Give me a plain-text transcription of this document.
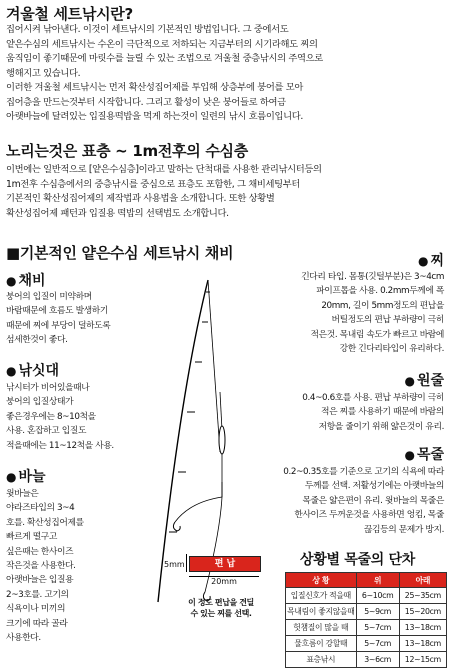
겨울철 세트낚시란?
집어시켜 낚아낸다. 이것이 세트낚시의 기본적인 방법입니다. 그 중에서도
얕은수심의 세트낚시는 수온이 극단적으로 저하되는 지금부터의 시기라해도 찌의
움직임이 좋기때문에 마릿수를 늘릴 수 있는 조법으로 겨울철 중층낚시의 주역으로
행해지고 있습니다.
이러한 겨울철 세트낚시는 먼저 확산성집어제를 투입해 상층부에 붕어를 모아
집어층을 만드는것부터 시작합니다. 그리고 활성이 낮은 붕어들로 하여금
아랫바늘에 달려있는 입질용떡밥을 먹게 하는것이 일련의 낚시 흐름이입니다.
노리는것은 표층 ~ 1m전후의 수심층
이번에는 일반적으로 [얕은수심층]이라고 말하는 단척대를 사용한 관리낚시터등의
1m전후 수심층에서의 중층낚시를 중심으로 표층도 포함한, 그 채비세팅부터
기본적인 확산성집어제의 제작법과 사용법을 소개합니다. 또한 상황별
확산성집어제 패턴과 입질용 떡밥의 선택법도 소개합니다.
■기본적인 얕은수심 세트낚시 채비
● 채비
붕어의 입질이 미약하며
바람때문에 흐름도 발생하기
때문에 찌에 부당이 덜하도록
섬세한것이 좋다.
● 낚싯대
낚시터가 비어있을때나
붕어의 입질상태가
좋은경우에는 8~10척을
사용. 혼잡하고 입질도
적을때에는 11~12척을 사용.
● 바늘
윗바늘은
야라즈타입의 3~4
호를. 확산성집어제를
빠르게 떨구고
싶은때는 한사이즈
작은것을 사용한다.
아랫바늘은 입질용
2~3호를. 고기의
식욕이나 미끼의
크기에 따라 골라
사용한다.
● 찌
긴다리 타입. 몸통(깃털부분)은 3~4cm
파이프톱을 사용. 0.2mm두께에 폭
20mm, 길이 5mm정도의 편납을
버틸정도의 편납 부하량이 극히
적은것. 목내림 속도가 빠르고 바람에
강한 긴다리타입이 유리하다.
● 원줄
0.4~0.6호를 사용. 편납 부하량이 극히
적은 찌를 사용하기 때문에 바람의
저항을 줄이기 위해 얇은것이 유리.
● 목줄
0.2~0.35호를 기준으로 고기의 식욕에 따라
두께를 선택. 저활성기에는 아랫바늘의
목줄은 얇은편이 유리. 윗바늘의 목줄은
한사이즈 두꺼운것을 사용하면 엉킴, 목줄
끊김등의 문제가 방지.
5mm	편 납
20mm
이 정도 편납을 견딜
수 있는 찌를 선택.
상황별 목줄의 단차
상 황	위	아래
입질신호가 적을때	6~10cm	25~35cm
목내림이 좋지않을때	5~9cm	15~20cm
헛챔질이 많을 때	5~7cm	13~18cm
물흐름이 강할때	5~7cm	13~18cm
표층낚시	3~6cm	12~15cm
